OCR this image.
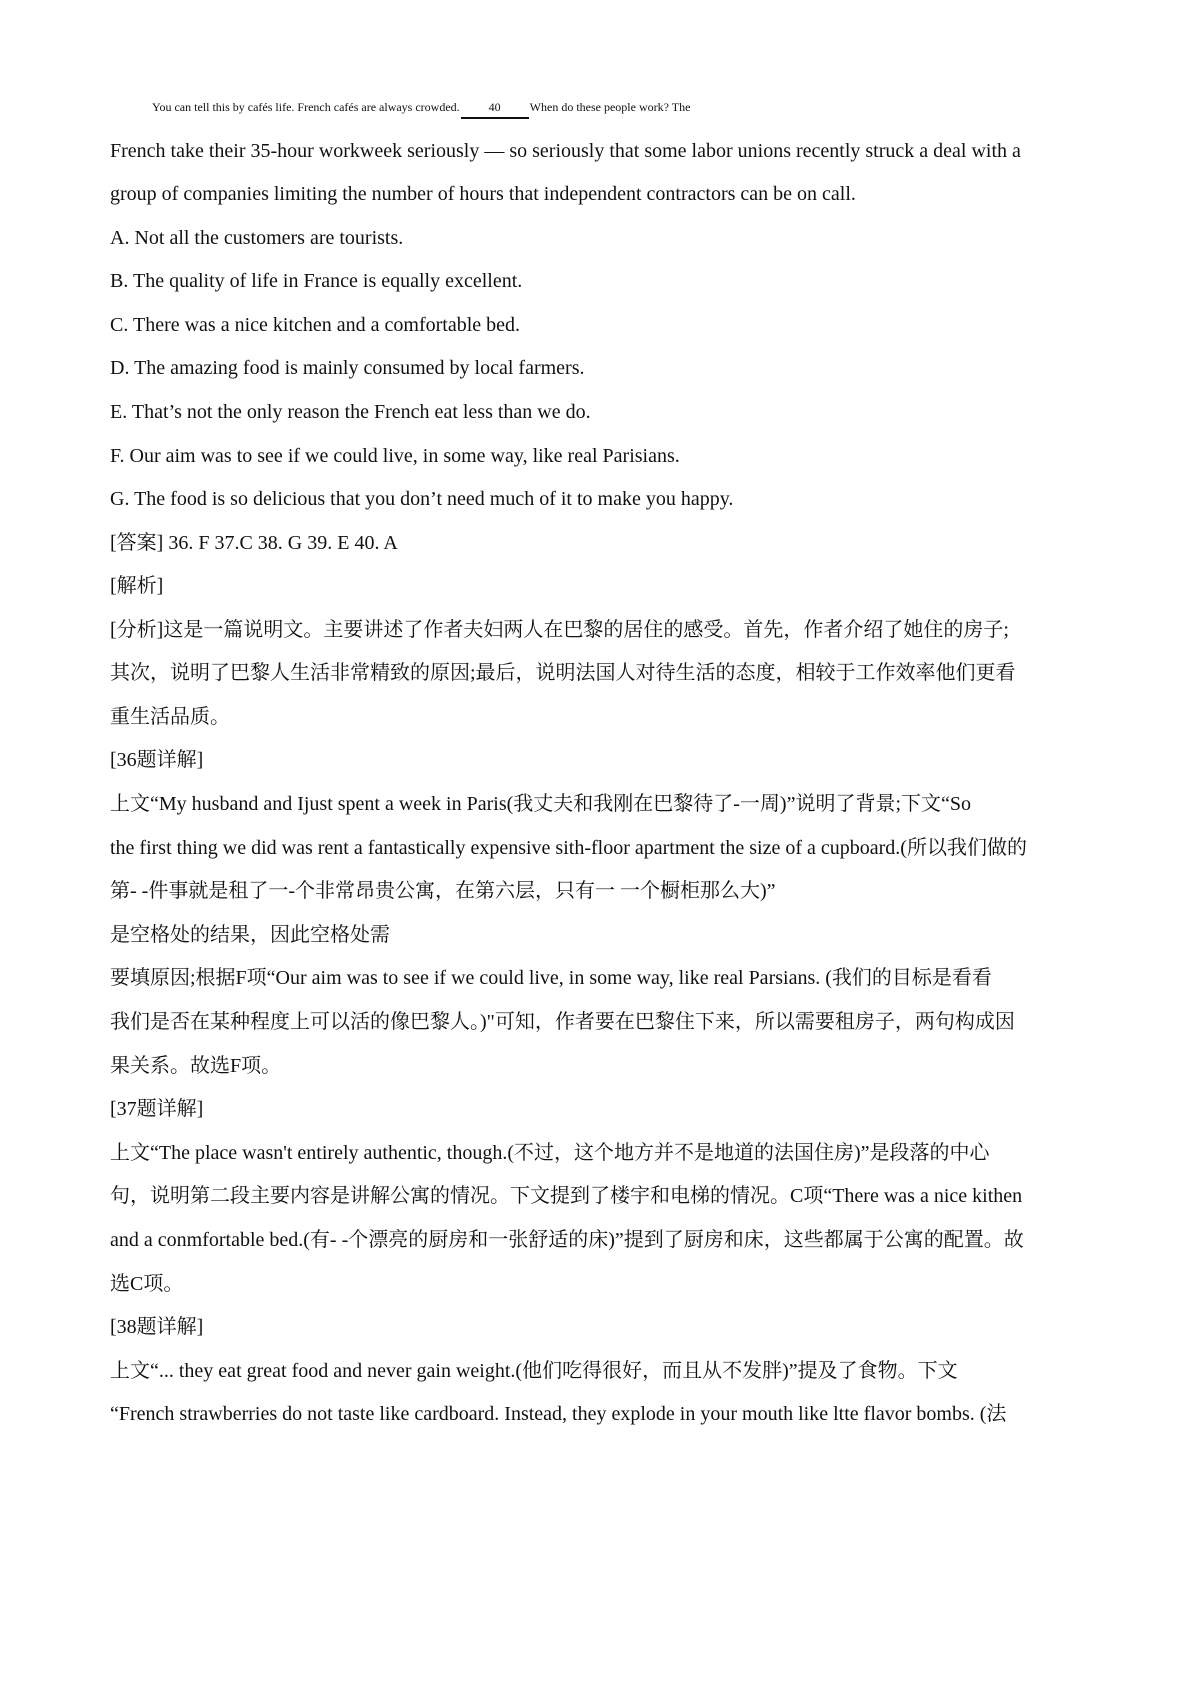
You can tell this by cafés life. French cafés are always crowded. 40 When do these people work? The
French take their 35-hour workweek seriously — so seriously that some labor unions recently struck a deal with a
group of companies limiting the number of hours that independent contractors can be on call.
A. Not all the customers are tourists.
B. The quality of life in France is equally excellent.
C. There was a nice kitchen and a comfortable bed.
D. The amazing food is mainly consumed by local farmers.
E. That’s not the only reason the French eat less than we do.
F. Our aim was to see if we could live, in some way, like real Parisians.
G. The food is so delicious that you don’t need much of it to make you happy.
[答案] 36. F 37.C 38. G 39. E 40. A
[解析]
[分析]这是一篇说明文。主要讲述了作者夫妇两人在巴黎的居住的感受。首先，作者介绍了她住的房子;
其次，说明了巴黎人生活非常精致的原因;最后，说明法国人对待生活的态度，相较于工作效率他们更看
重生活品质。
[36题详解]
上文“My husband and Ijust spent a week in Paris(我丈夫和我刚在巴黎待了-一周)”说明了背景;下文“So
the first thing we did was rent a fantastically expensive sith-floor apartment the size of a cupboard.(所以我们做的
第- -件事就是租了一-个非常昂贵公寓，在第六层，只有一 一个橱柜那么大)”
是空格处的结果，因此空格处需
要填原因;根据F项“Our aim was to see if we could live, in some way, like real Parsians. (我们的目标是看看
我们是否在某种程度上可以活的像巴黎人。)"可知，作者要在巴黎住下来，所以需要租房子，两句构成因
果关系。故选F项。
[37题详解]
上文“The place wasn't entirely authentic, though.(不过，这个地方并不是地道的法国住房)”是段落的中心
句，说明第二段主要内容是讲解公寓的情况。下文提到了楼宇和电梯的情况。C项“There was a nice kithen
and a conmfortable bed.(有- -个漂亮的厨房和一张舒适的床)”提到了厨房和床，这些都属于公寓的配置。故
选C项。
[38题详解]
上文“... they eat great food and never gain weight.(他们吃得很好，而且从不发胖)”提及了食物。下文
“French strawberries do not taste like cardboard. Instead, they explode in your mouth like ltte flavor bombs. (法
